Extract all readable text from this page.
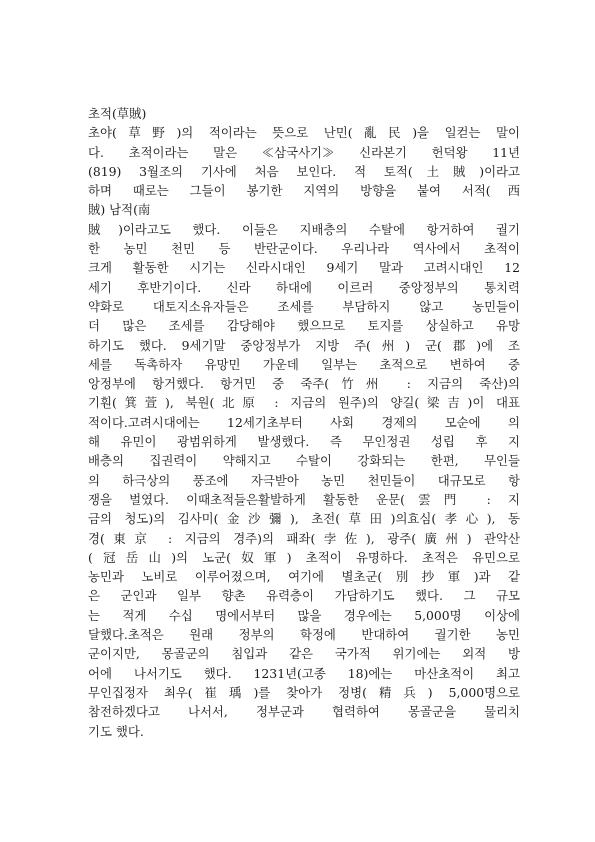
초적(草賊)
초야(草野)의 적이라는 뜻으로 난민(亂民)을 일컫는 말이
다. 초적이라는 말은 ≪삼국사기≫ 신라본기 헌덕왕 11년
(819) 3월조의 기사에 처음 보인다. 적 토적(土賊)이라고
하며 때로는 그들이 봉기한 지역의 방향을 붙여 서적(西
賊) 남적(南
賊)이라고도 했다. 이들은 지배층의 수탈에 항거하여 궐기
한 농민 천민 등 반란군이다. 우리나라 역사에서 초적이
크게 활동한 시기는 신라시대인 9세기 말과 고려시대인 12
세기 후반기이다. 신라 하대에 이르러 중앙정부의 통치력
약화로 대토지소유자들은 조세를 부담하지 않고 농민들이
더 많은 조세를 감당해야 했으므로 토지를 상실하고 유망
하기도 했다. 9세기말 중앙정부가 지방 주(州) 군(郡)에 조
세를 독촉하자 유망민 가운데 일부는 초적으로 변하여 중
앙정부에 항거했다. 항거민 중 죽주(竹州 : 지금의 죽산)의
기훤(箕萱), 북원(北原 : 지금의 원주)의 양길(梁吉)이 대표
적이다.고려시대에는 12세기초부터 사회 경제의 모순에 의
해 유민이 광범위하게 발생했다. 즉 무인정권 성립 후 지
배층의 집권력이 약해지고 수탈이 강화되는 한편, 무인들
의 하극상의 풍조에 자극받아 농민 천민들이 대규모로 항
쟁을 벌였다. 이때초적들은활발하게 활동한 운문(雲門 : 지
금의 청도)의 김사미(金沙彌), 초전(草田)의효심(孝心), 동
경(東京 : 지금의 경주)의 패좌(孛佐), 광주(廣州) 관악산
(冠岳山)의 노군(奴軍) 초적이 유명하다. 초적은 유민으로
농민과 노비로 이루어졌으며, 여기에 별초군(別抄軍)과 같
은 군인과 일부 향촌 유력층이 가담하기도 했다. 그 규모
는 적게 수십 명에서부터 많을 경우에는 5,000명 이상에
달했다.초적은 원래 정부의 학정에 반대하여 궐기한 농민
군이지만, 몽골군의 침입과 같은 국가적 위기에는 외적 방
어에 나서기도 했다. 1231년(고종 18)에는 마산초적이 최고
무인집정자 최우(崔瑀)를 찾아가 정병(精兵) 5,000명으로
참전하겠다고 나서서, 정부군과 협력하여 몽골군을 물리치
기도 했다.
